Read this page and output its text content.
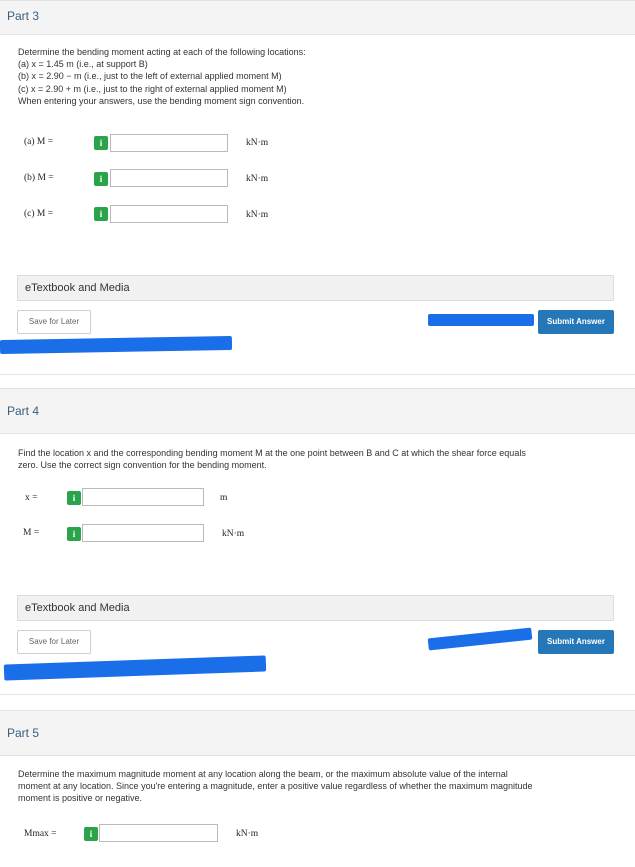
Part 3
Determine the bending moment acting at each of the following locations:
(a) x = 1.45 m (i.e., at support B)
(b) x = 2.90 − m (i.e., just to the left of external applied moment M)
(c) x = 2.90 + m (i.e., just to the right of external applied moment M)
When entering your answers, use the bending moment sign convention.
(a) M =	i	kN·m
(b) M =	i	kN·m
(c) M =	i	kN·m
eTextbook and Media
Save for Later	Submit Answer
Part 4
Find the location x and the corresponding bending moment M at the one point between B and C at which the shear force equals
zero. Use the correct sign convention for the bending moment.
x =	i	m
M =	i	kN·m
eTextbook and Media
Save for Later	Submit Answer
Part 5
Determine the maximum magnitude moment at any location along the beam, or the maximum absolute value of the internal
moment at any location. Since you're entering a magnitude, enter a positive value regardless of whether the maximum magnitude
moment is positive or negative.
Mmax =	i	kN·m
